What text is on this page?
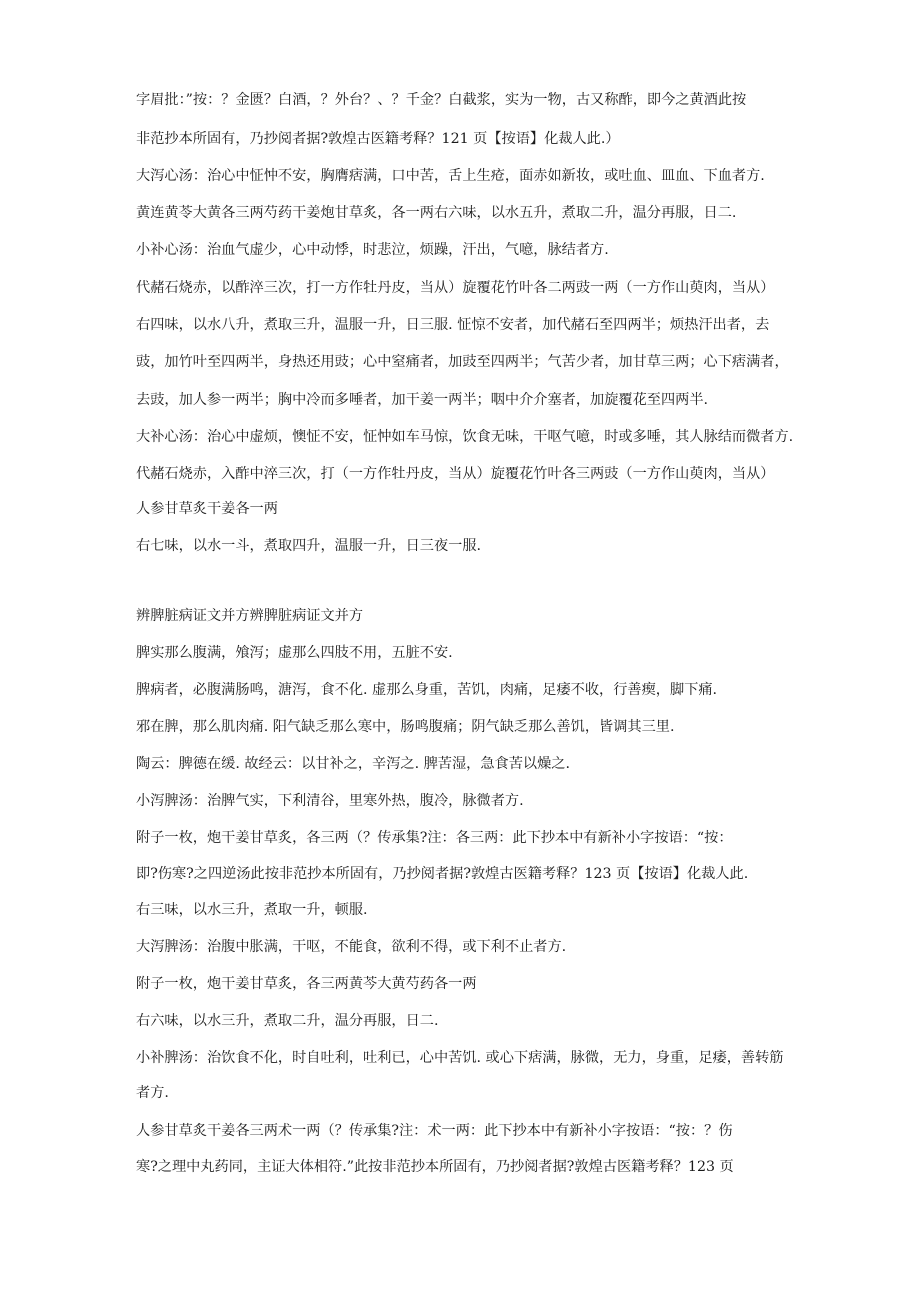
字眉批：”按：？金匮？白酒，？外台？、？千金？白截浆，实为一物，古又称酢，即今之黄酒此按
非范抄本所固有，乃抄阅者据?敦煌古医籍考释？121 页【按语】化裁人此.）
大泻心汤：治心中怔忡不安，胸膺痞满，口中苦，舌上生疮，面赤如新妆，或吐血、皿血、下血者方.
黄连黄苓大黄各三两芍药干姜炮甘草炙，各一两右六味，以水五升，煮取二升，温分再服，日二.
小补心汤：治血气虚少，心中动悸，时悲泣，烦躁，汗出，气噫，脉结者方.
代赭石烧赤，以酢淬三次，打一方作牡丹皮，当从）旋覆花竹叶各二两豉一两（一方作山萸肉，当从）
右四味，以水八升，煮取三升，温服一升，日三服. 怔惊不安者，加代赭石至四两半；烦热汗出者，去
豉，加竹叶至四两半，身热还用豉；心中窒痛者，加豉至四两半；气苦少者，加甘草三两；心下痞满者，
去豉，加人参一两半；胸中冷而多唾者，加干姜一两半；咽中介介塞者，加旋覆花至四两半.
大补心汤：治心中虚烦，懊怔不安，怔忡如车马惊，饮食无味，干呕气噫，时或多唾，其人脉结而微者方.
代赭石烧赤，入酢中淬三次，打（一方作牡丹皮，当从）旋覆花竹叶各三两豉（一方作山萸肉，当从）
人参甘草炙干姜各一两
右七味，以水一斗，煮取四升，温服一升，日三夜一服.
辨脾脏病证文并方辨脾脏病证文并方
脾实那么腹满，飧泻；虚那么四肢不用，五脏不安.
脾病者，必腹满肠鸣，溏泻，食不化. 虚那么身重，苦饥，肉痛，足痿不收，行善瘈，脚下痛.
邪在脾，那么肌肉痛. 阳气缺乏那么寒中，肠鸣腹痛；阴气缺乏那么善饥，皆调其三里.
陶云：脾德在缓. 故经云：以甘补之，辛泻之. 脾苦湿，急食苦以燥之.
小泻脾汤：治脾气实，下利清谷，里寒外热，腹冷，脉微者方.
附子一枚，炮干姜甘草炙，各三两（？传承集?注：各三两：此下抄本中有新补小字按语：“按：
即?伤寒?之四逆汤此按非范抄本所固有，乃抄阅者据?敦煌古医籍考释？123 页【按语】化裁人此.
右三味，以水三升，煮取一升，顿服.
大泻脾汤：治腹中胀满，干呕，不能食，欲利不得，或下利不止者方.
附子一枚，炮干姜甘草炙，各三两黄芩大黄芍药各一两
右六味，以水三升，煮取二升，温分再服，日二.
小补脾汤：治饮食不化，时自吐利，吐利已，心中苦饥. 或心下痞满，脉微，无力，身重，足痿，善转筋
者方.
人参甘草炙干姜各三两术一两（？传承集?注：术一两：此下抄本中有新补小字按语：“按：？伤
寒?之理中丸药同，主证大体相符.”此按非范抄本所固有，乃抄阅者据?敦煌古医籍考释？123 页
